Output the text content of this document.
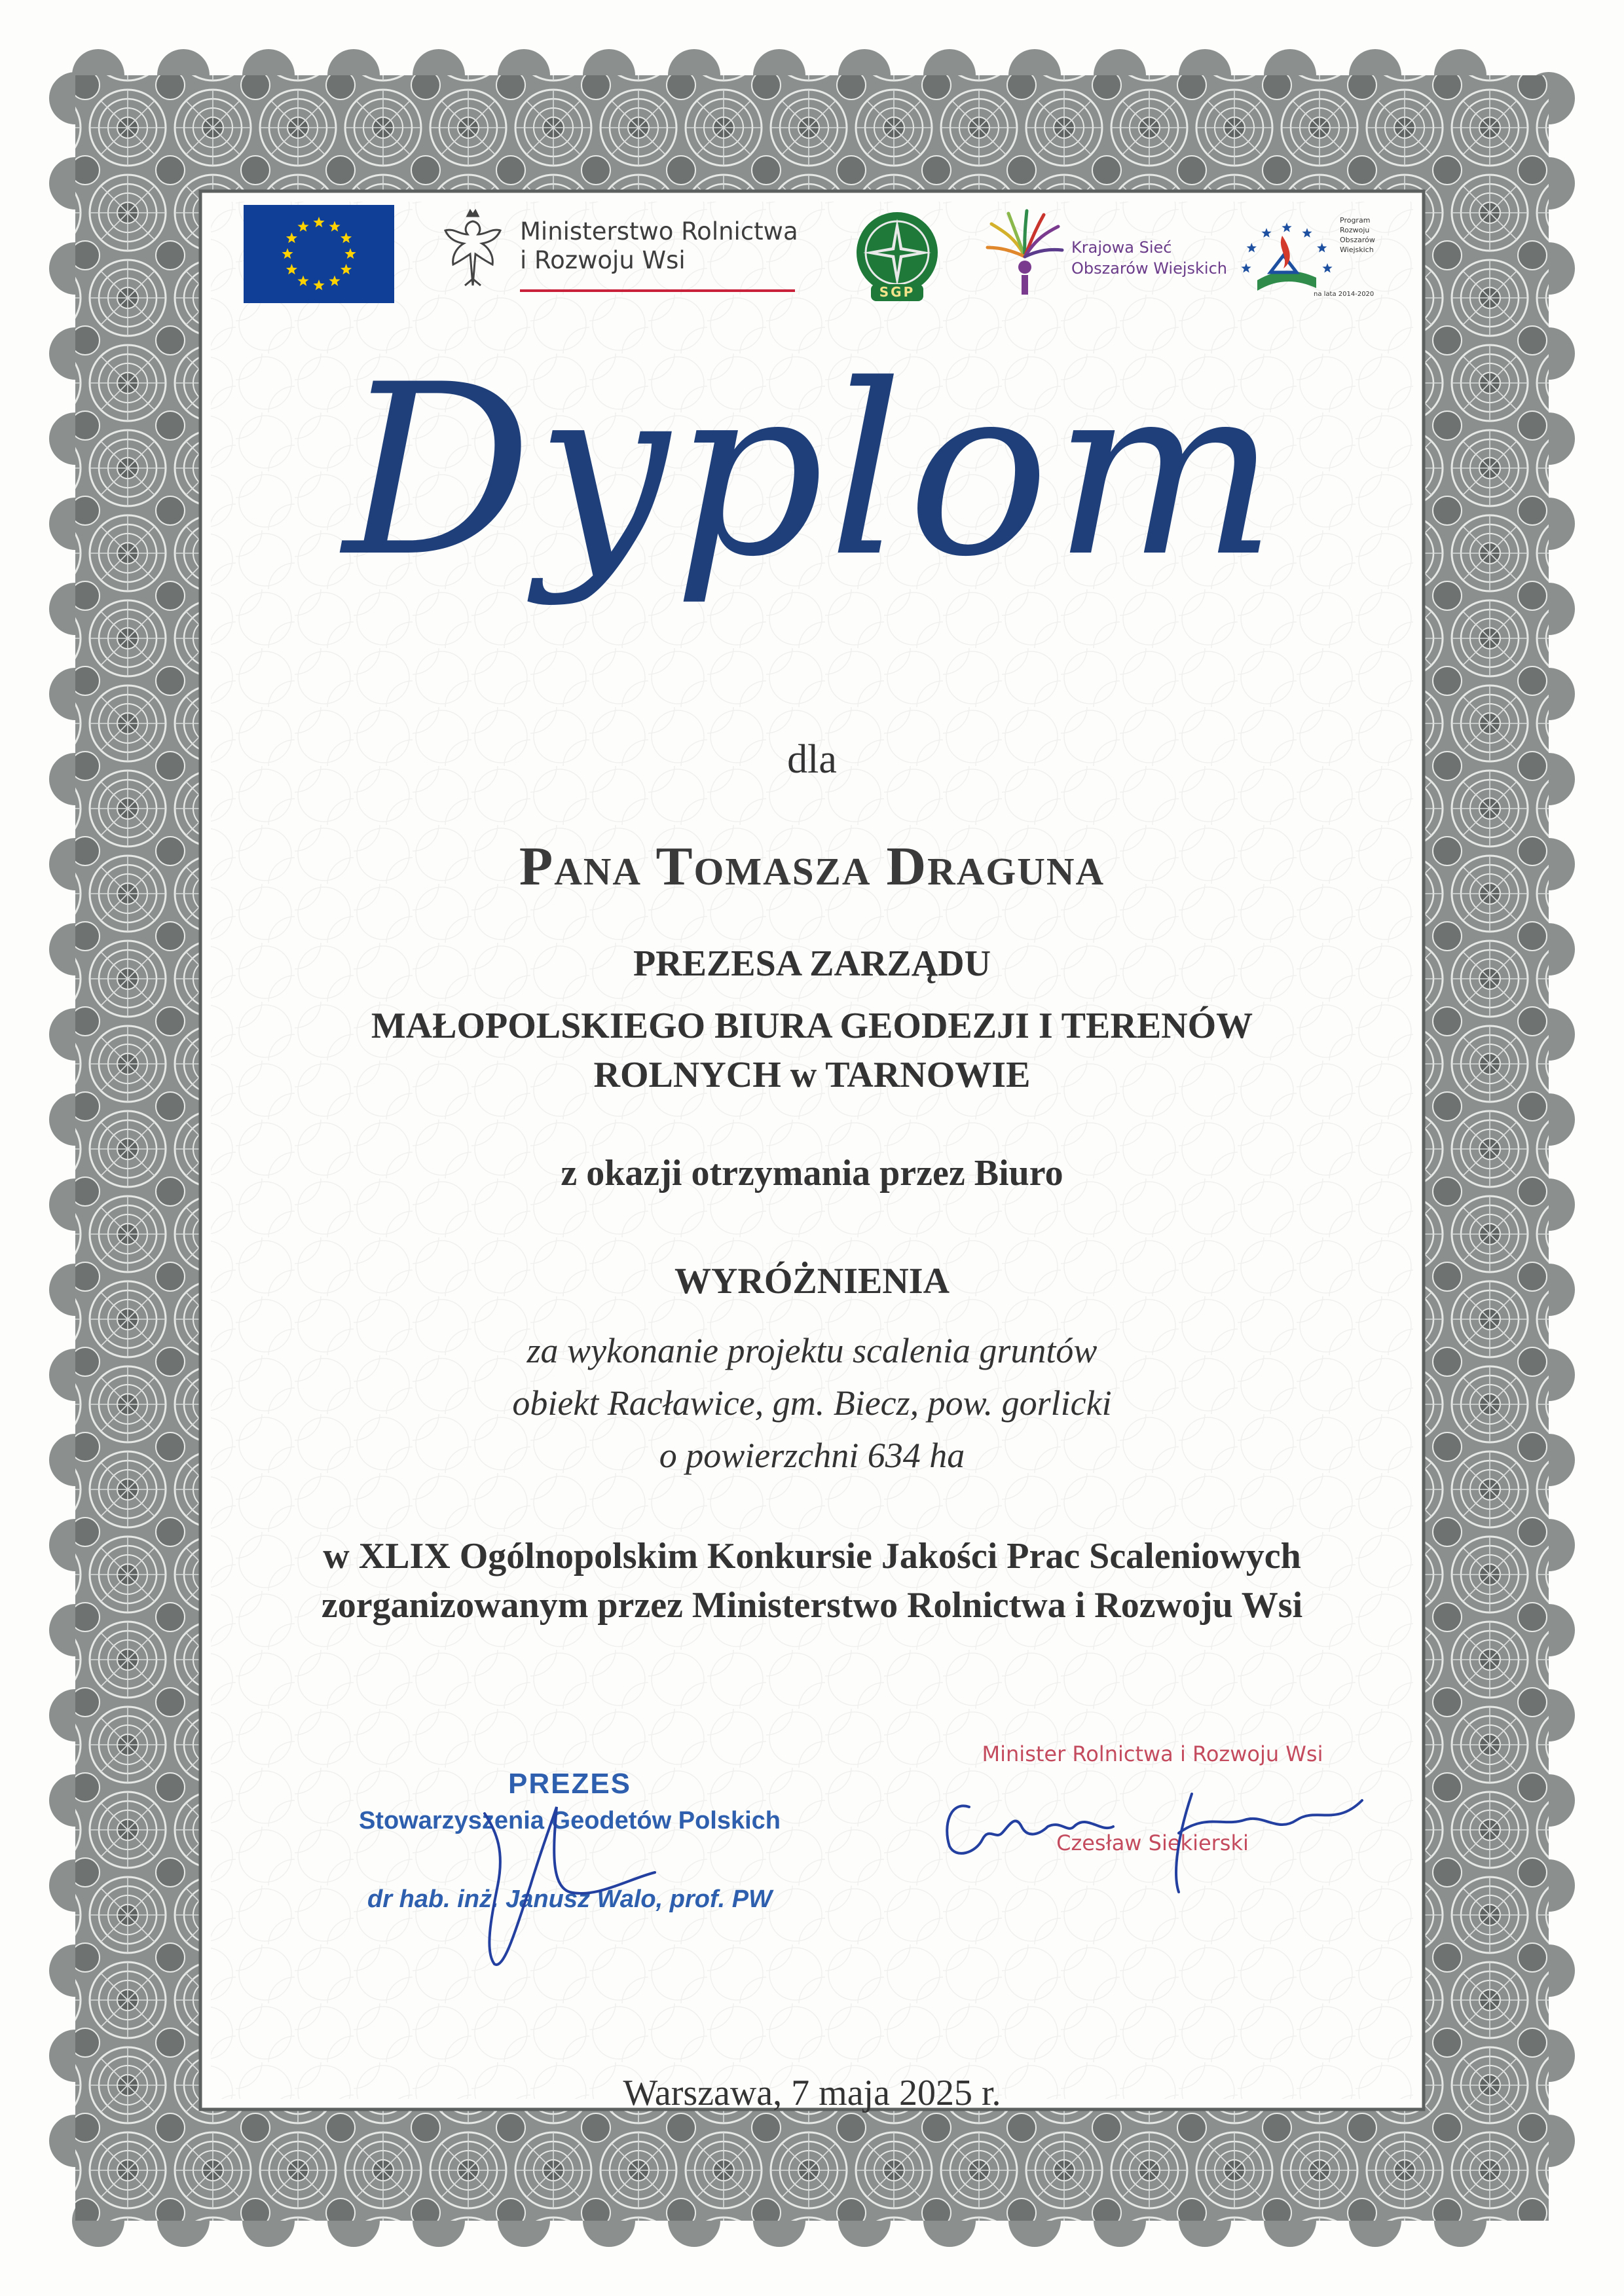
Ministerstwo Rolnictwa
i Rozwoju Wsi
SGP
Krajowa Sieć
Obszarów Wiejskich
Program
Rozwoju
Obszarów
Wiejskich
na lata 2014-2020
Dyplom
dla
Pana Tomasza Draguna
PREZESA ZARZĄDU
MAŁOPOLSKIEGO BIURA GEODEZJI I TERENÓW
ROLNYCH w TARNOWIE
z okazji otrzymania przez Biuro
WYRÓŻNIENIA
za wykonanie projektu scalenia gruntów
obiekt Racławice, gm. Biecz, pow. gorlicki
o powierzchni 634 ha
w XLIX Ogólnopolskim Konkursie Jakości Prac Scaleniowych
zorganizowanym przez Ministerstwo Rolnictwa i Rozwoju Wsi
PREZES
Stowarzyszenia Geodetów Polskich
dr hab. inż. Janusz Walo, prof. PW
Minister Rolnictwa i Rozwoju Wsi
Czesław Siekierski
Warszawa, 7 maja 2025 r.
